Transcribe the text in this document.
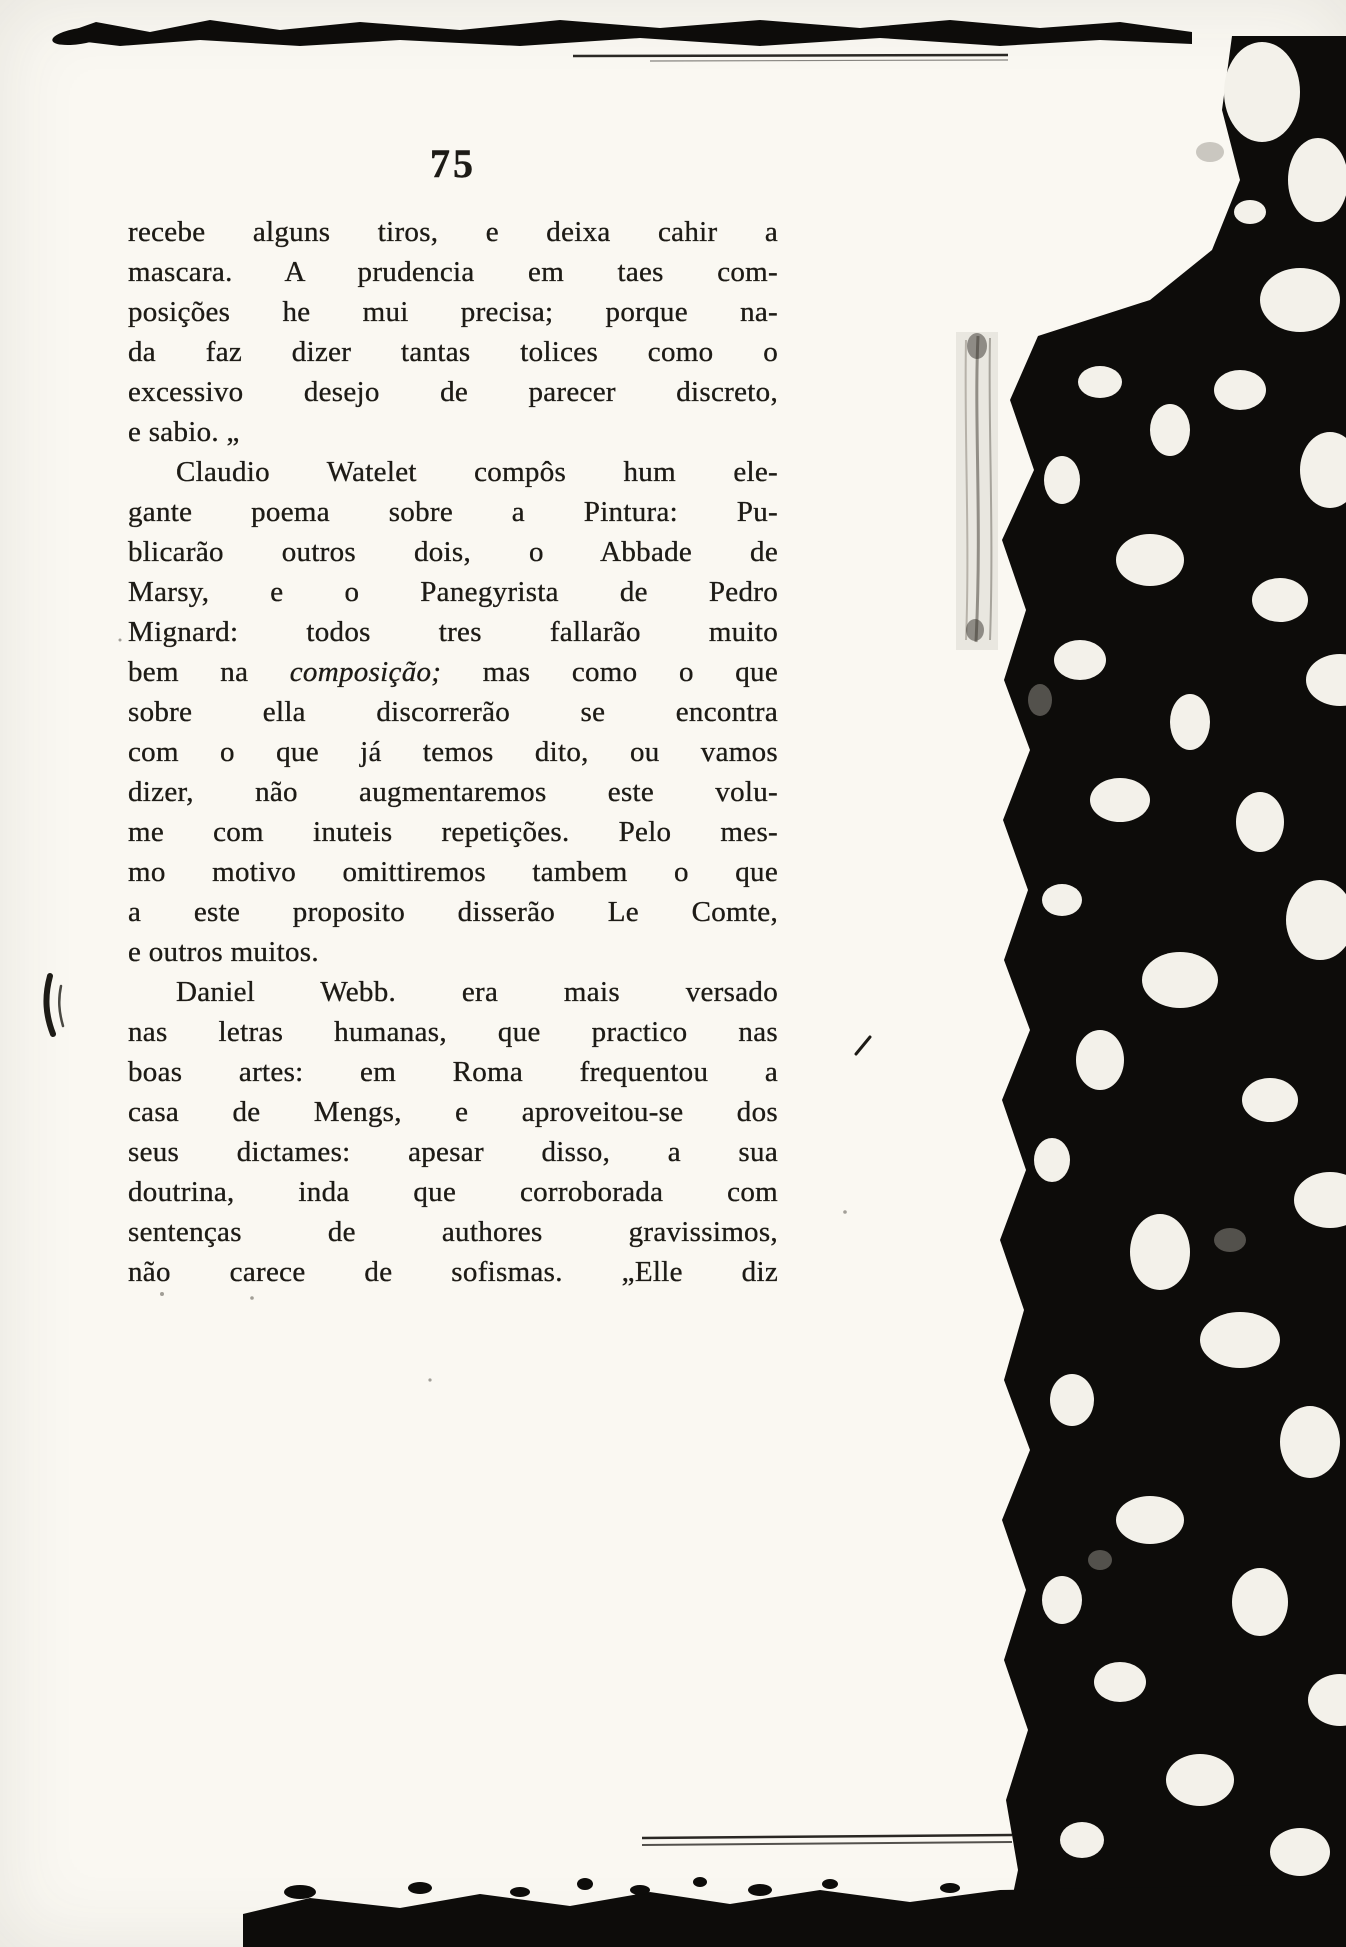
75
recebe alguns tiros, e deixa cahir a
mascara. A prudencia em taes com-
posições he mui precisa; porque na-
da faz dizer tantas tolices como o
excessivo desejo de parecer discreto,
e sabio. „
Claudio Watelet compôs hum ele-
gante poema sobre a Pintura: Pu-
blicarão outros dois, o Abbade de
Marsy, e o Panegyrista de Pedro
Mignard: todos tres fallarão muito
bem na composição; mas como o que
sobre ella discorrerão se encontra
com o que já temos dito, ou vamos
dizer, não augmentaremos este volu-
me com inuteis repetições. Pelo mes-
mo motivo omittiremos tambem o que
a este proposito disserão Le Comte,
e outros muitos.
Daniel Webb. era mais versado
nas letras humanas, que practico nas
boas artes: em Roma frequentou a
casa de Mengs, e aproveitou-se dos
seus dictames: apesar disso, a sua
doutrina, inda que corroborada com
sentenças de authores gravissimos,
não carece de sofismas. „Elle diz
